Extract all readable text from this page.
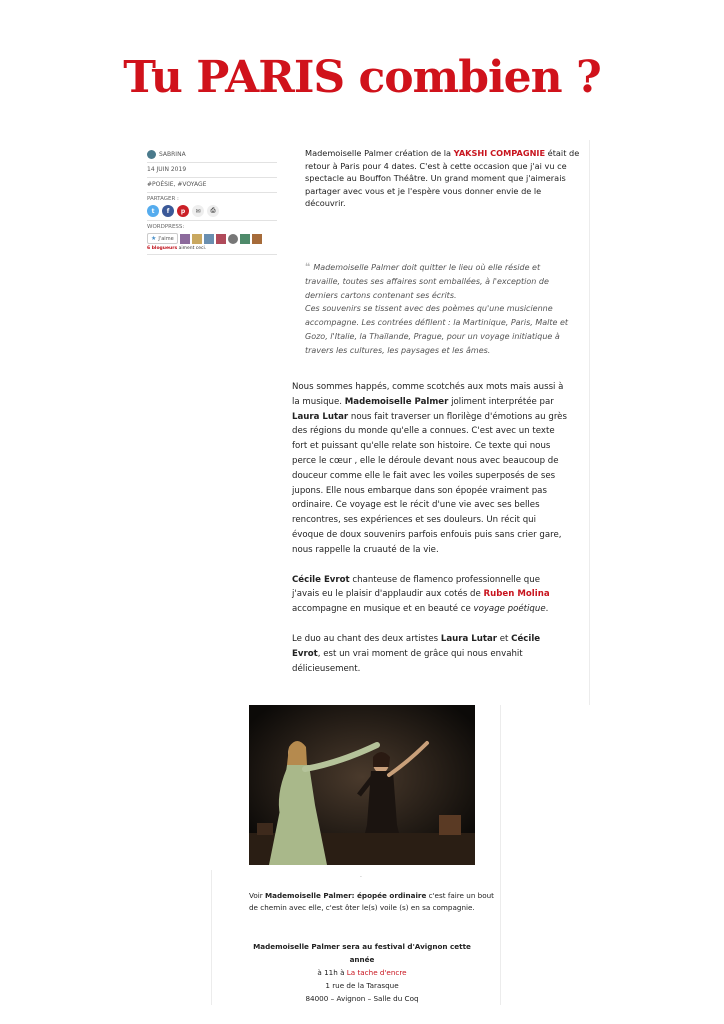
Tu PARIS combien ?
SABRINA
14 JUIN 2019
#POÉSIE, #VOYAGE
PARTAGER :
t	f	p	✉	⎙
WORDPRESS:
★ J'aime
6 blogueurs aiment ceci.
Mademoiselle Palmer création de la YAKSHI COMPAGNIE était de retour à Paris pour 4 dates. C'est à cette occasion que j'ai vu ce spectacle au Bouffon Théâtre. Un grand moment que j'aimerais partager avec vous et je l'espère vous donner envie de le découvrir.
❝ Mademoiselle Palmer doit quitter le lieu où elle réside et travaille, toutes ses affaires sont emballées, à l'exception de derniers cartons contenant ses écrits.
Ces souvenirs se tissent avec des poèmes qu'une musicienne accompagne. Les contrées défilent : la Martinique, Paris, Malte et Gozo, l'Italie, la Thaïlande, Prague, pour un voyage initiatique à travers les cultures, les paysages et les âmes.

Nous sommes happés, comme scotchés aux mots mais aussi à la musique. Mademoiselle Palmer joliment interprétée par Laura Lutar nous fait traverser un florilège d'émotions au grès des régions du monde qu'elle a connues. C'est avec un texte fort et puissant qu'elle relate son histoire. Ce texte qui nous perce le cœur , elle le déroule devant nous avec beaucoup de douceur comme elle le fait avec les voiles superposés de ses jupons. Elle nous embarque dans son épopée vraiment pas ordinaire. Ce voyage est le récit d'une vie avec ses belles rencontres, ses expériences et ses douleurs. Un récit qui évoque de doux souvenirs parfois enfouis puis sans crier gare, nous rappelle la cruauté de la vie.

Cécile Evrot chanteuse de flamenco professionnelle que j'avais eu le plaisir d'applaudir aux cotés de Ruben Molina accompagne en musique et en beauté ce voyage poétique.

Le duo au chant des deux artistes Laura Lutar et Cécile Evrot, est un vrai moment de grâce qui nous envahit délicieusement.

.
Voir Mademoiselle Palmer: épopée ordinaire c'est faire un bout de chemin avec elle, c'est ôter le(s) voile (s) en sa compagnie.
Mademoiselle Palmer sera au festival d'Avignon cette année
à 11h à La tache d'encre
1 rue de la Tarasque
84000 – Avignon – Salle du Coq
